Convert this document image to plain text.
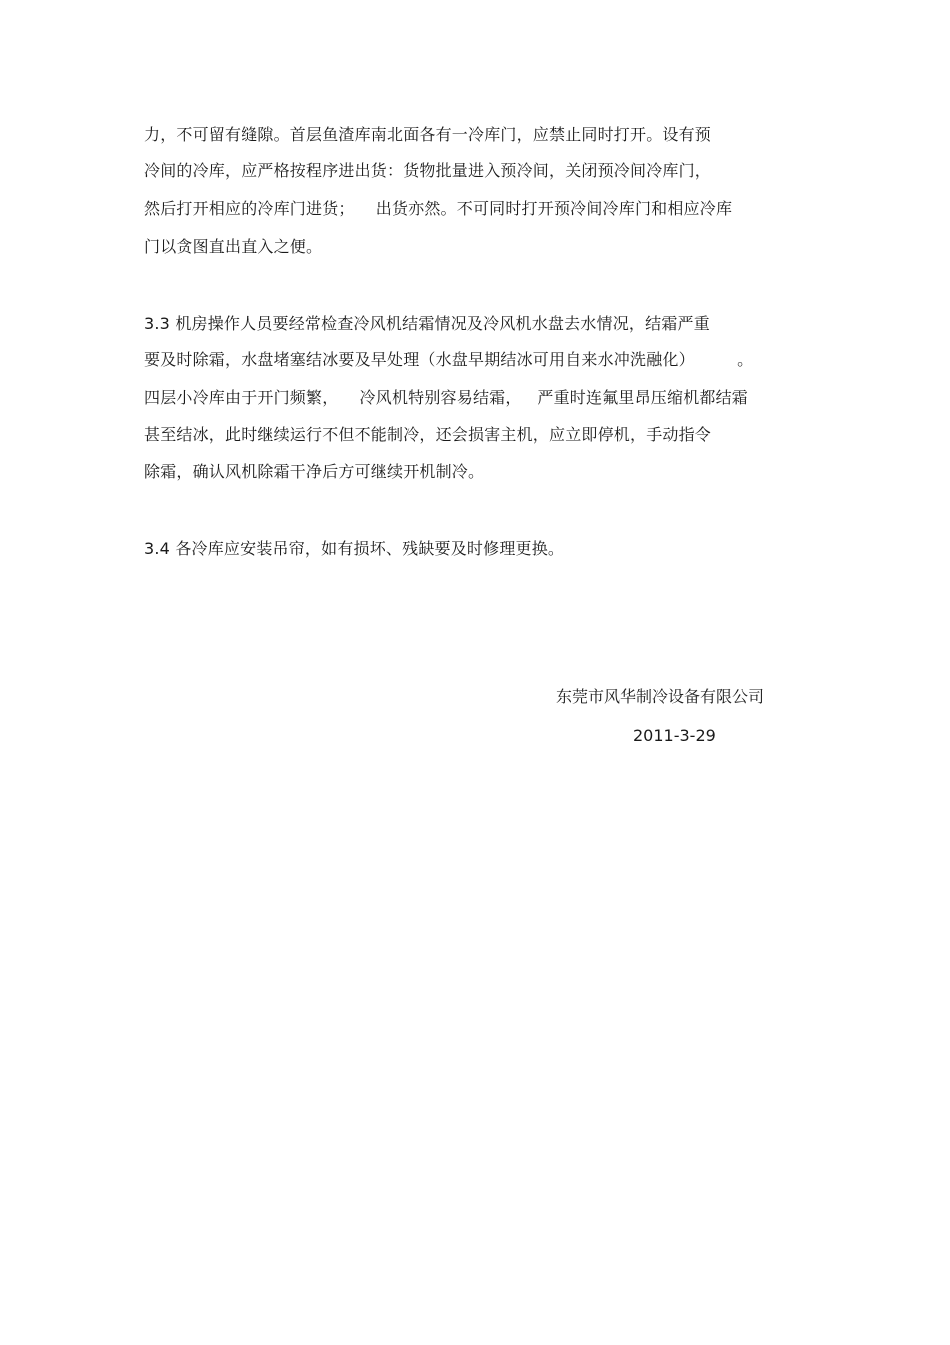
力，不可留有缝隙。首层鱼渣库南北面各有一冷库门，应禁止同时打开。设有预
冷间的冷库，应严格按程序进出货：货物批量进入预冷间，关闭预冷间冷库门，
然后打开相应的冷库门进货；    出货亦然。不可同时打开预冷间冷库门和相应冷库
门以贪图直出直入之便。
3.3 机房操作人员要经常检查冷风机结霜情况及冷风机水盘去水情况，结霜严重
要及时除霜，水盘堵塞结冰要及早处理（水盘早期结冰可用自来水冲洗融化）        。
四层小冷库由于开门频繁，    冷风机特别容易结霜，   严重时连氟里昂压缩机都结霜
甚至结冰，此时继续运行不但不能制冷，还会损害主机，应立即停机，手动指令
除霜，确认风机除霜干净后方可继续开机制冷。
3.4 各冷库应安装吊帘，如有损坏、残缺要及时修理更换。
东莞市风华制冷设备有限公司
2011-3-29
